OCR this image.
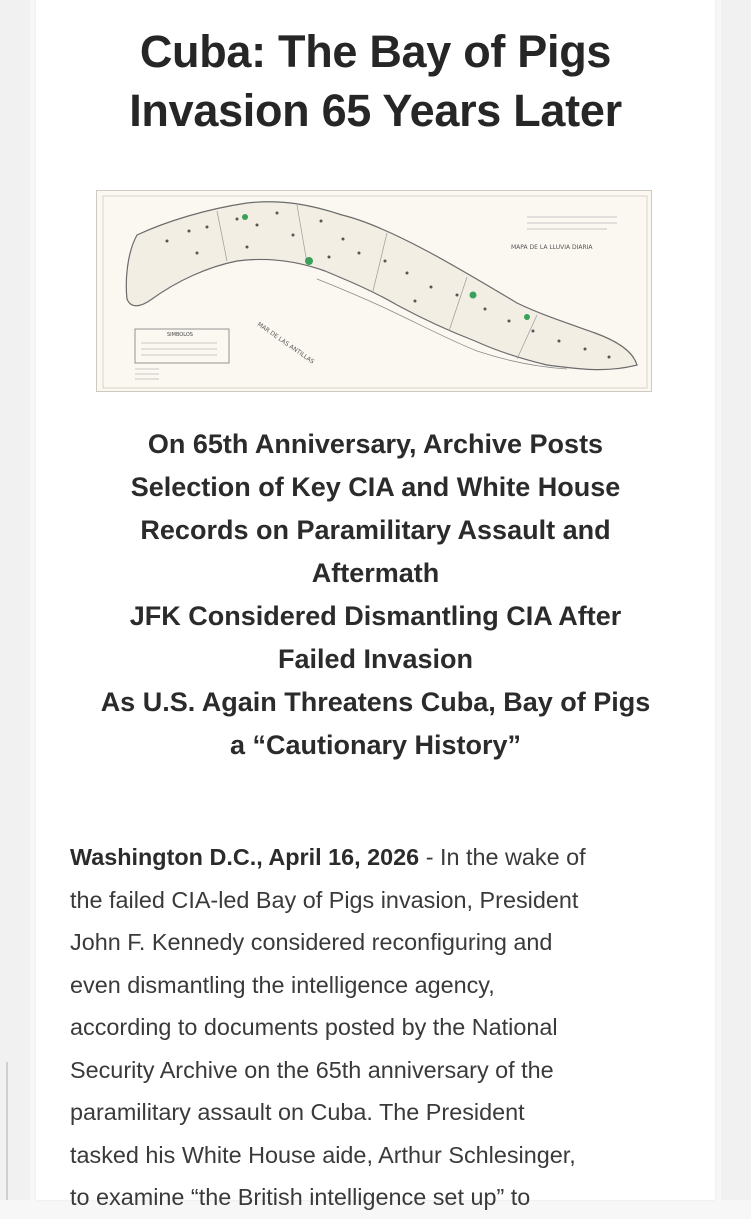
Cuba: The Bay of Pigs
Invasion 65 Years Later
MAPA DE LA LLUVIA DIARIA
MAR DE LAS ANTILLAS
SIMBOLOS
On 65th Anniversary, Archive Posts
Selection of Key CIA and White House
Records on Paramilitary Assault and
Aftermath
JFK Considered Dismantling CIA After
Failed Invasion
As U.S. Again Threatens Cuba, Bay of Pigs
a “Cautionary History”
Washington D.C., April 16, 2026 - In the wake of
the failed CIA-led Bay of Pigs invasion, President
John F. Kennedy considered reconfiguring and
even dismantling the intelligence agency,
according to documents posted by the National
Security Archive on the 65th anniversary of the
paramilitary assault on Cuba. The President
tasked his White House aide, Arthur Schlesinger,
to examine “the British intelligence set up” to
